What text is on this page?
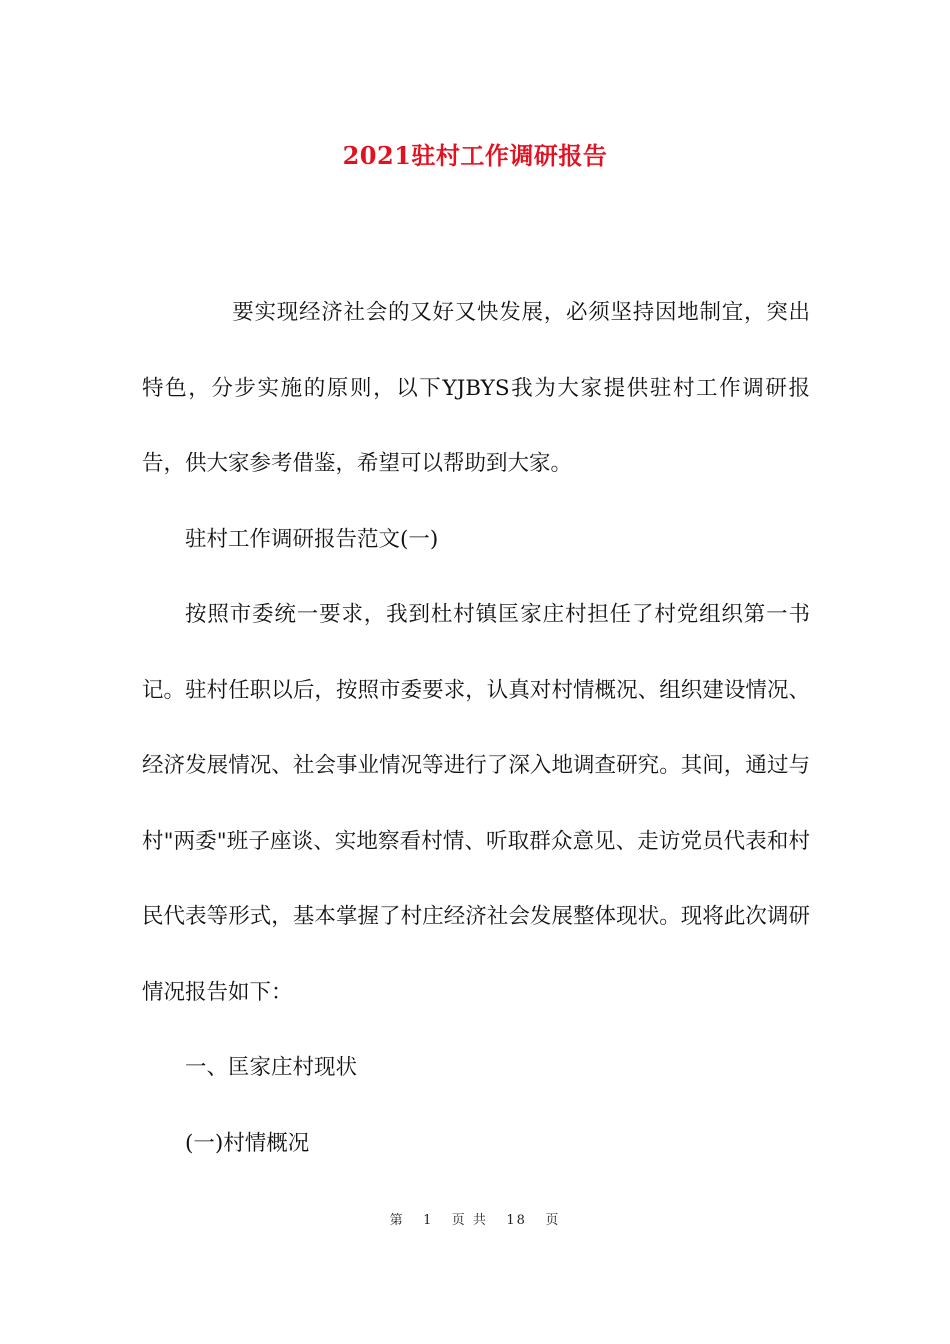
2021驻村工作调研报告

要实现经济社会的又好又快发展，必须坚持因地制宜，突出特色，分步实施的原则，以下YJBYS我为大家提供驻村工作调研报告，供大家参考借鉴，希望可以帮助到大家。

驻村工作调研报告范文(一)

按照市委统一要求，我到杜村镇匡家庄村担任了村党组织第一书记。驻村任职以后，按照市委要求，认真对村情概况、组织建设情况、经济发展情况、社会事业情况等进行了深入地调查研究。其间，通过与村"两委"班子座谈、实地察看村情、听取群众意见、走访党员代表和村民代表等形式，基本掌握了村庄经济社会发展整体现状。现将此次调研情况报告如下：

一、匡家庄村现状

(一)村情概况

第 1 页 共 18 页
